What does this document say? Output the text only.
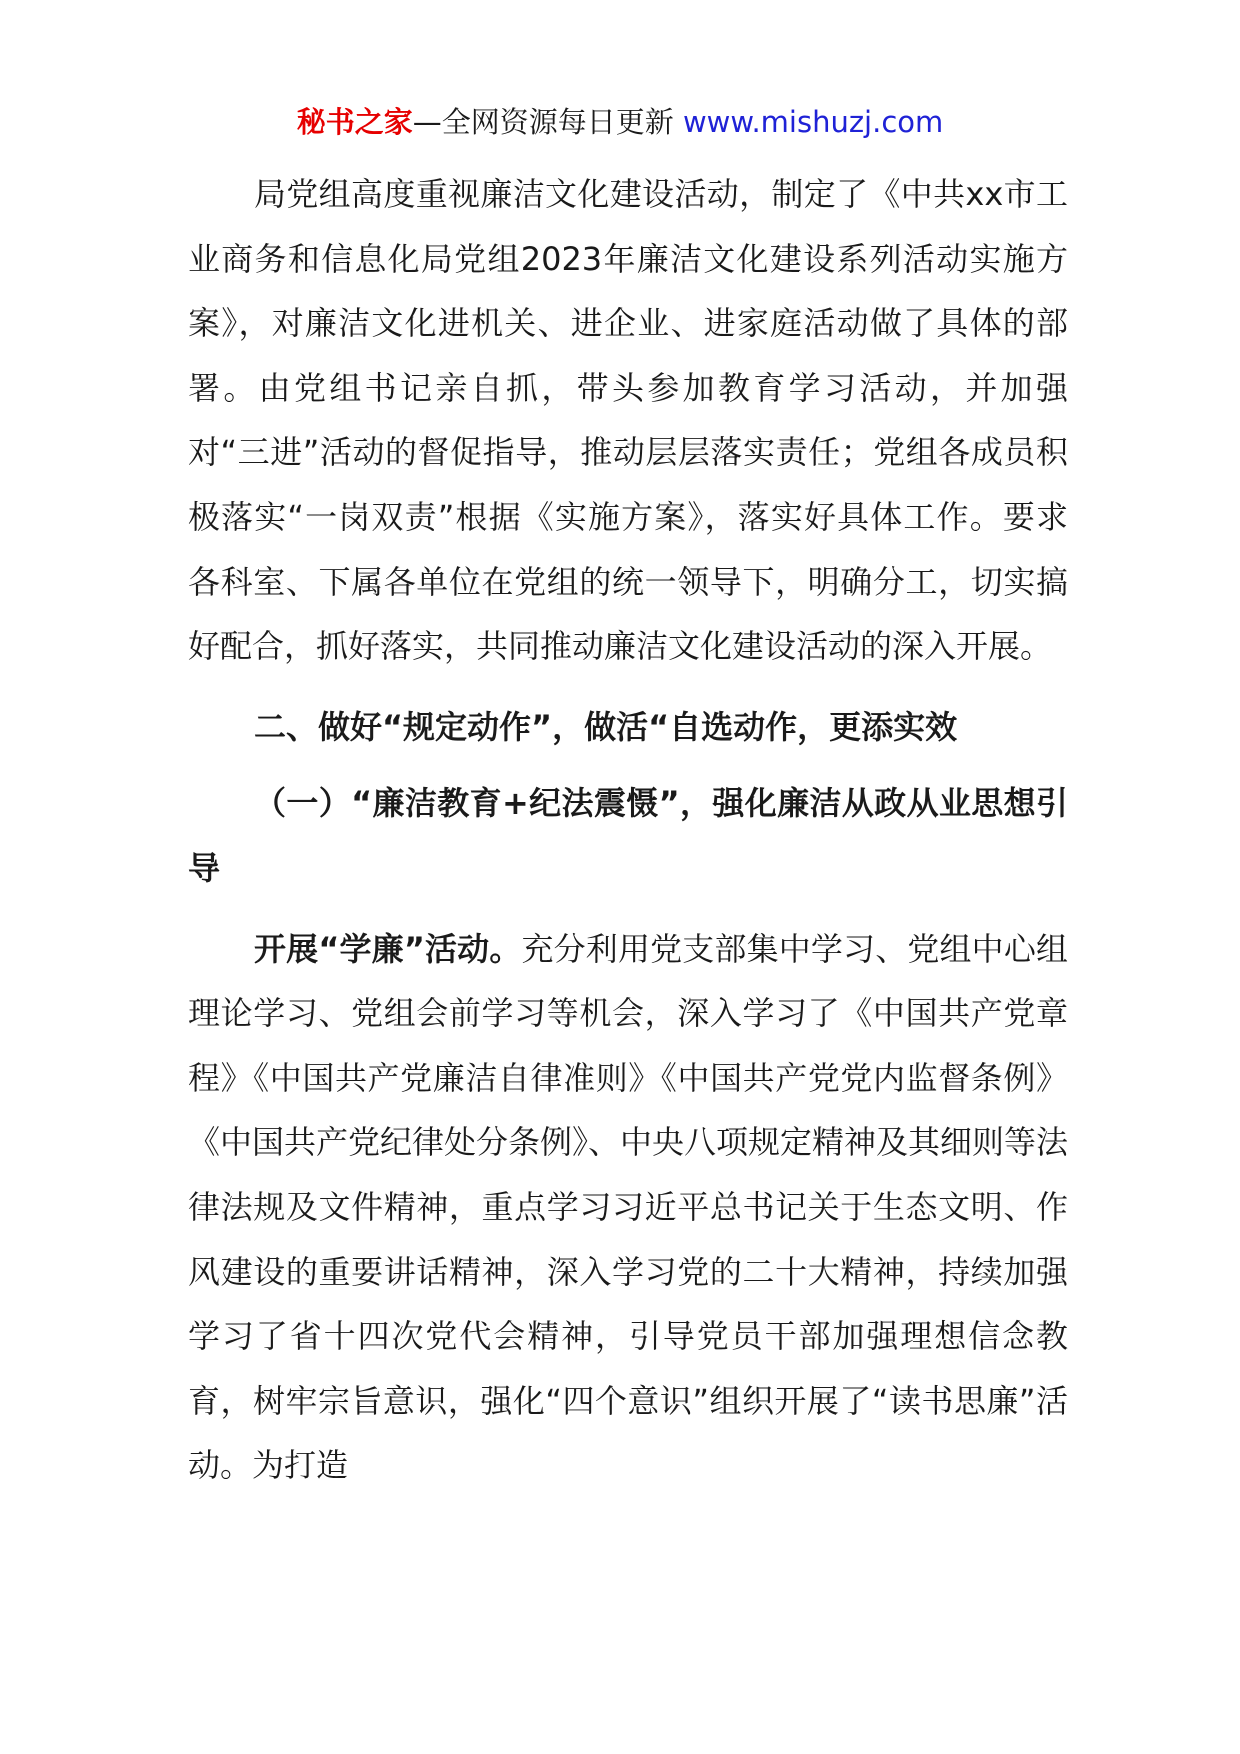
秘书之家—全网资源每日更新 www.mishuzj.com

局党组高度重视廉洁文化建设活动，制定了《中共xx市工业商务和信息化局党组2023年廉洁文化建设系列活动实施方案》，对廉洁文化进机关、进企业、进家庭活动做了具体的部署。由党组书记亲自抓，带头参加教育学习活动，并加强对“三进”活动的督促指导，推动层层落实责任；党组各成员积极落实“一岗双责”根据《实施方案》，落实好具体工作。要求各科室、下属各单位在党组的统一领导下，明确分工，切实搞好配合，抓好落实，共同推动廉洁文化建设活动的深入开展。

二、做好“规定动作”，做活“自选动作，更添实效

（一）“廉洁教育+纪法震慑”，强化廉洁从政从业思想引导

开展“学廉”活动。充分利用党支部集中学习、党组中心组理论学习、党组会前学习等机会，深入学习了《中国共产党章程》《中国共产党廉洁自律准则》《中国共产党党内监督条例》《中国共产党纪律处分条例》、中央八项规定精神及其细则等法律法规及文件精神，重点学习习近平总书记关于生态文明、作风建设的重要讲话精神，深入学习党的二十大精神，持续加强学习了省十四次党代会精神，引导党员干部加强理想信念教育，树牢宗旨意识，强化“四个意识”组织开展了“读书思廉”活动。为打造
